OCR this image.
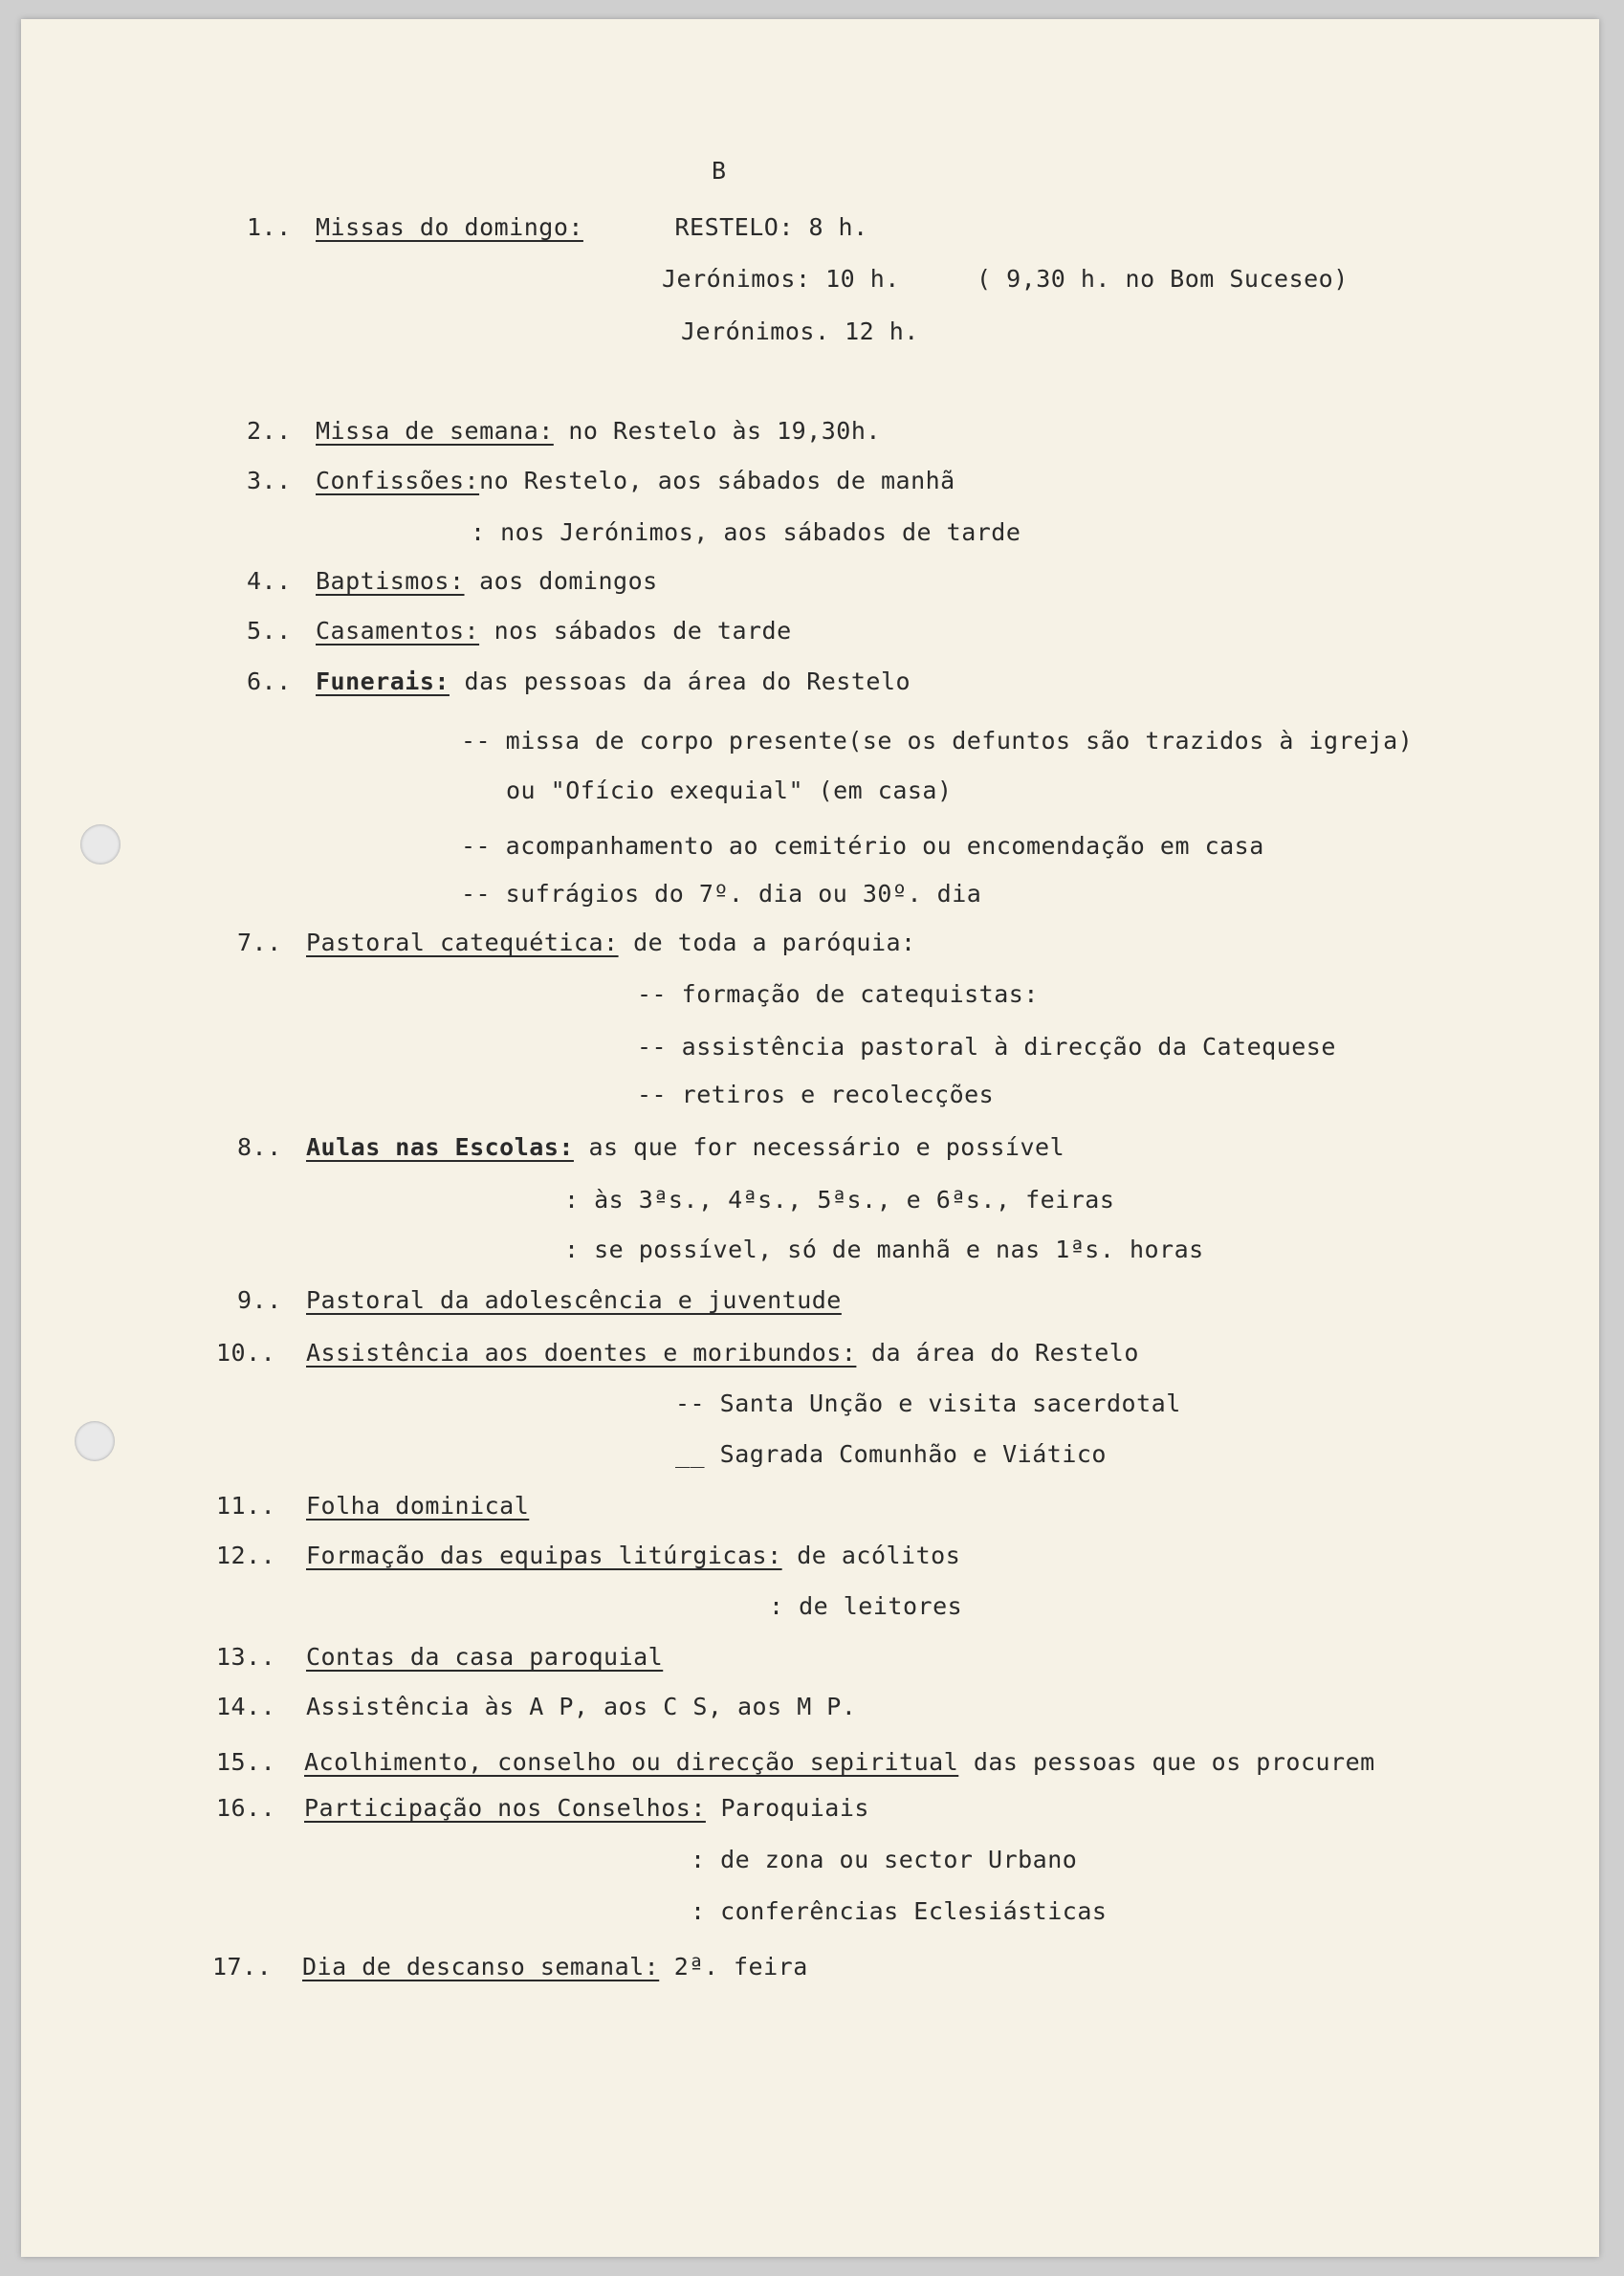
B
1.. Missas do domingo:	RESTELO: 8 h.
Jerónimos: 10 h.	( 9,30 h. no Bom Suceseo)
Jerónimos. 12 h.
2.. Missa de semana: no Restelo às 19,30h.
3.. Confissões:no Restelo, aos sábados de manhã
: nos Jerónimos, aos sábados de tarde
4.. Baptismos: aos domingos
5.. Casamentos: nos sábados de tarde
6.. Funerais: das pessoas da área do Restelo
-- missa de corpo presente(se os defuntos são trazidos à igreja)
ou "Ofício exequial" (em casa)
-- acompanhamento ao cemitério ou encomendação em casa
-- sufrágios do 7º. dia ou 30º. dia
7.. Pastoral catequética: de toda a paróquia:
-- formação de catequistas:
-- assistência pastoral à direcção da Catequese
-- retiros e recolecções
8.. Aulas nas Escolas: as que for necessário e possível
: às 3ªs., 4ªs., 5ªs., e 6ªs., feiras
: se possível, só de manhã e nas 1ªs. horas
9.. Pastoral da adolescência e juventude
10.. Assistência aos doentes e moribundos: da área do Restelo
-- Santa Unção e visita sacerdotal
__ Sagrada Comunhão e Viático
11.. Folha dominical
12.. Formação das equipas litúrgicas: de acólitos
: de leitores
13.. Contas da casa paroquial
14.. Assistência às A P, aos C S, aos M P.
15.. Acolhimento, conselho ou direcção sepiritual das pessoas que os procurem
16.. Participação nos Conselhos: Paroquiais
: de zona ou sector Urbano
: conferências Eclesiásticas
17.. Dia de descanso semanal: 2ª. feira
